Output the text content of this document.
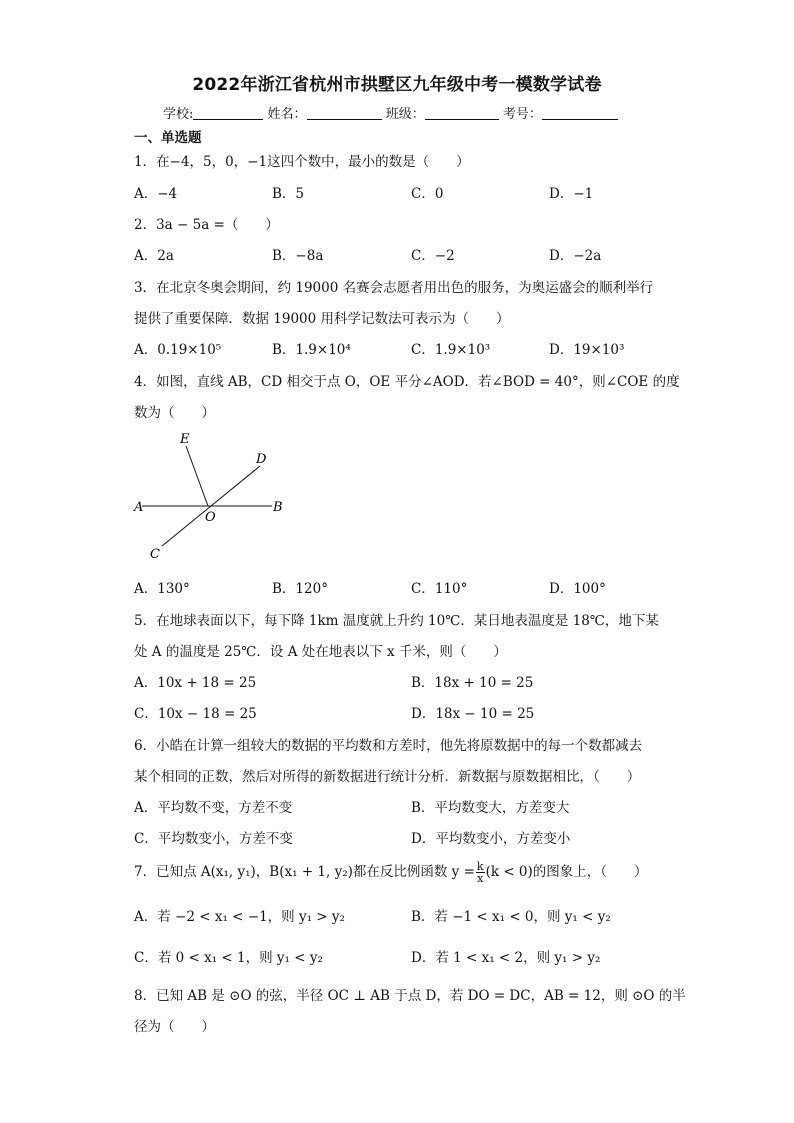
2022年浙江省杭州市拱墅区九年级中考一模数学试卷
学校:	姓名：	班级：	考号：
一、单选题
1．在−4，5，0，−1这四个数中，最小的数是（　　）
A．−4	B．5	C．0	D．−1
2．3a − 5a =（　　）
A．2a	B．−8a	C．−2	D．−2a
3．在北京冬奥会期间，约 19000 名赛会志愿者用出色的服务，为奥运盛会的顺利举行
提供了重要保障．数据 19000 用科学记数法可表示为（　　）
A．0.19×10⁵	B．1.9×10⁴	C．1.9×10³	D．19×10³
4．如图，直线 AB，CD 相交于点 O，OE 平分∠AOD．若∠BOD = 40°，则∠COE 的度
数为（　　）
E
D
A
O
B
C
A．130°	B．120°	C．110°	D．100°
5．在地球表面以下，每下降 1km 温度就上升约 10℃．某日地表温度是 18℃，地下某
处 A 的温度是 25℃．设 A 处在地表以下 x 千米，则（　　）
A．10x + 18 = 25	B．18x + 10 = 25
C．10x − 18 = 25	D．18x − 10 = 25
6．小皓在计算一组较大的数据的平均数和方差时，他先将原数据中的每一个数都减去
某个相同的正数，然后对所得的新数据进行统计分析．新数据与原数据相比，（　　）
A．平均数不变，方差不变	B．平均数变大，方差变大
C．平均数变小，方差不变	D．平均数变小，方差变小
7．已知点 A(x₁, y₁)，B(x₁ + 1, y₂)都在反比例函数 $y = \frac{k}{x} (k < 0)$的图象上，（　　）
A．若 −2 < x₁ < −1，则 y₁ > y₂	B．若 −1 < x₁ < 0，则 y₁ < y₂
C．若 0 < x₁ < 1，则 y₁ < y₂	D．若 1 < x₁ < 2，则 y₁ > y₂
8．已知 AB 是 ⊙O 的弦，半径 OC ⊥ AB 于点 D，若 DO = DC，AB = 12，则 ⊙O 的半
径为（　　）
